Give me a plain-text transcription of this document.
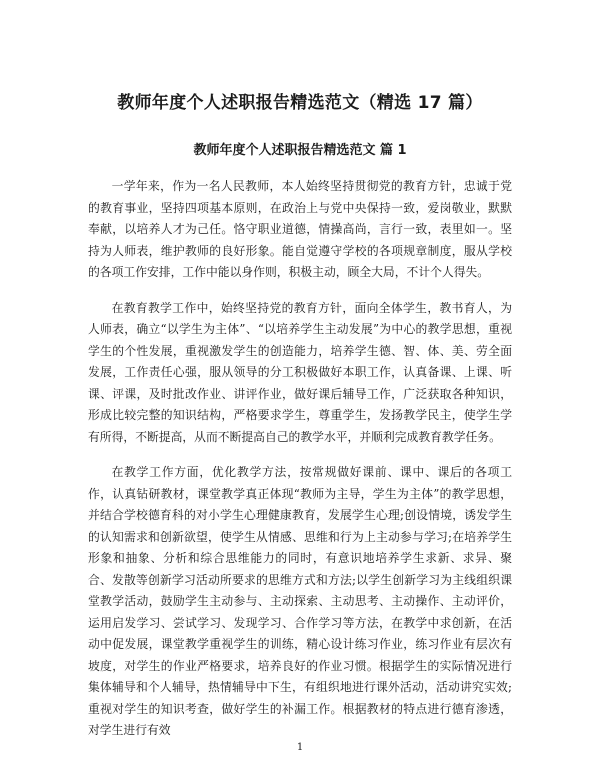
教师年度个人述职报告精选范文（精选 17 篇）
教师年度个人述职报告精选范文 篇 1

一学年来，作为一名人民教师，本人始终坚持贯彻党的教育方针，忠诚于党的教育事业，坚持四项基本原则，在政治上与党中央保持一致，爱岗敬业，默默奉献，以培养人才为己任。恪守职业道德，情操高尚，言行一致，表里如一。坚持为人师表，维护教师的良好形象。能自觉遵守学校的各项规章制度，服从学校的各项工作安排，工作中能以身作则，积极主动，顾全大局，不计个人得失。

在教育教学工作中，始终坚持党的教育方针，面向全体学生，教书育人，为人师表，确立“以学生为主体”、“以培养学生主动发展”为中心的教学思想，重视学生的个性发展，重视激发学生的创造能力，培养学生德、智、体、美、劳全面发展，工作责任心强，服从领导的分工积极做好本职工作，认真备课、上课、听课、评课，及时批改作业、讲评作业，做好课后辅导工作，广泛获取各种知识，形成比较完整的知识结构，严格要求学生，尊重学生，发扬教学民主，使学生学有所得，不断提高，从而不断提高自己的教学水平，并顺利完成教育教学任务。

在教学工作方面，优化教学方法，按常规做好课前、课中、课后的各项工作，认真钻研教材，课堂教学真正体现“教师为主导，学生为主体”的教学思想，并结合学校德育科的对小学生心理健康教育，发展学生心理;创设情境，诱发学生的认知需求和创新欲望，使学生从情感、思维和行为上主动参与学习;在培养学生形象和抽象、分析和综合思维能力的同时，有意识地培养学生求新、求异、聚合、发散等创新学习活动所要求的思维方式和方法;以学生创新学习为主线组织课堂教学活动，鼓励学生主动参与、主动探索、主动思考、主动操作、主动评价，运用启发学习、尝试学习、发现学习、合作学习等方法，在教学中求创新，在活动中促发展，课堂教学重视学生的训练，精心设计练习作业，练习作业有层次有坡度，对学生的作业严格要求，培养良好的作业习惯。根据学生的实际情况进行集体辅导和个人辅导，热情辅导中下生，有组织地进行课外活动，活动讲究实效;重视对学生的知识考查，做好学生的补漏工作。根据教材的特点进行德育渗透，对学生进行有效

1
